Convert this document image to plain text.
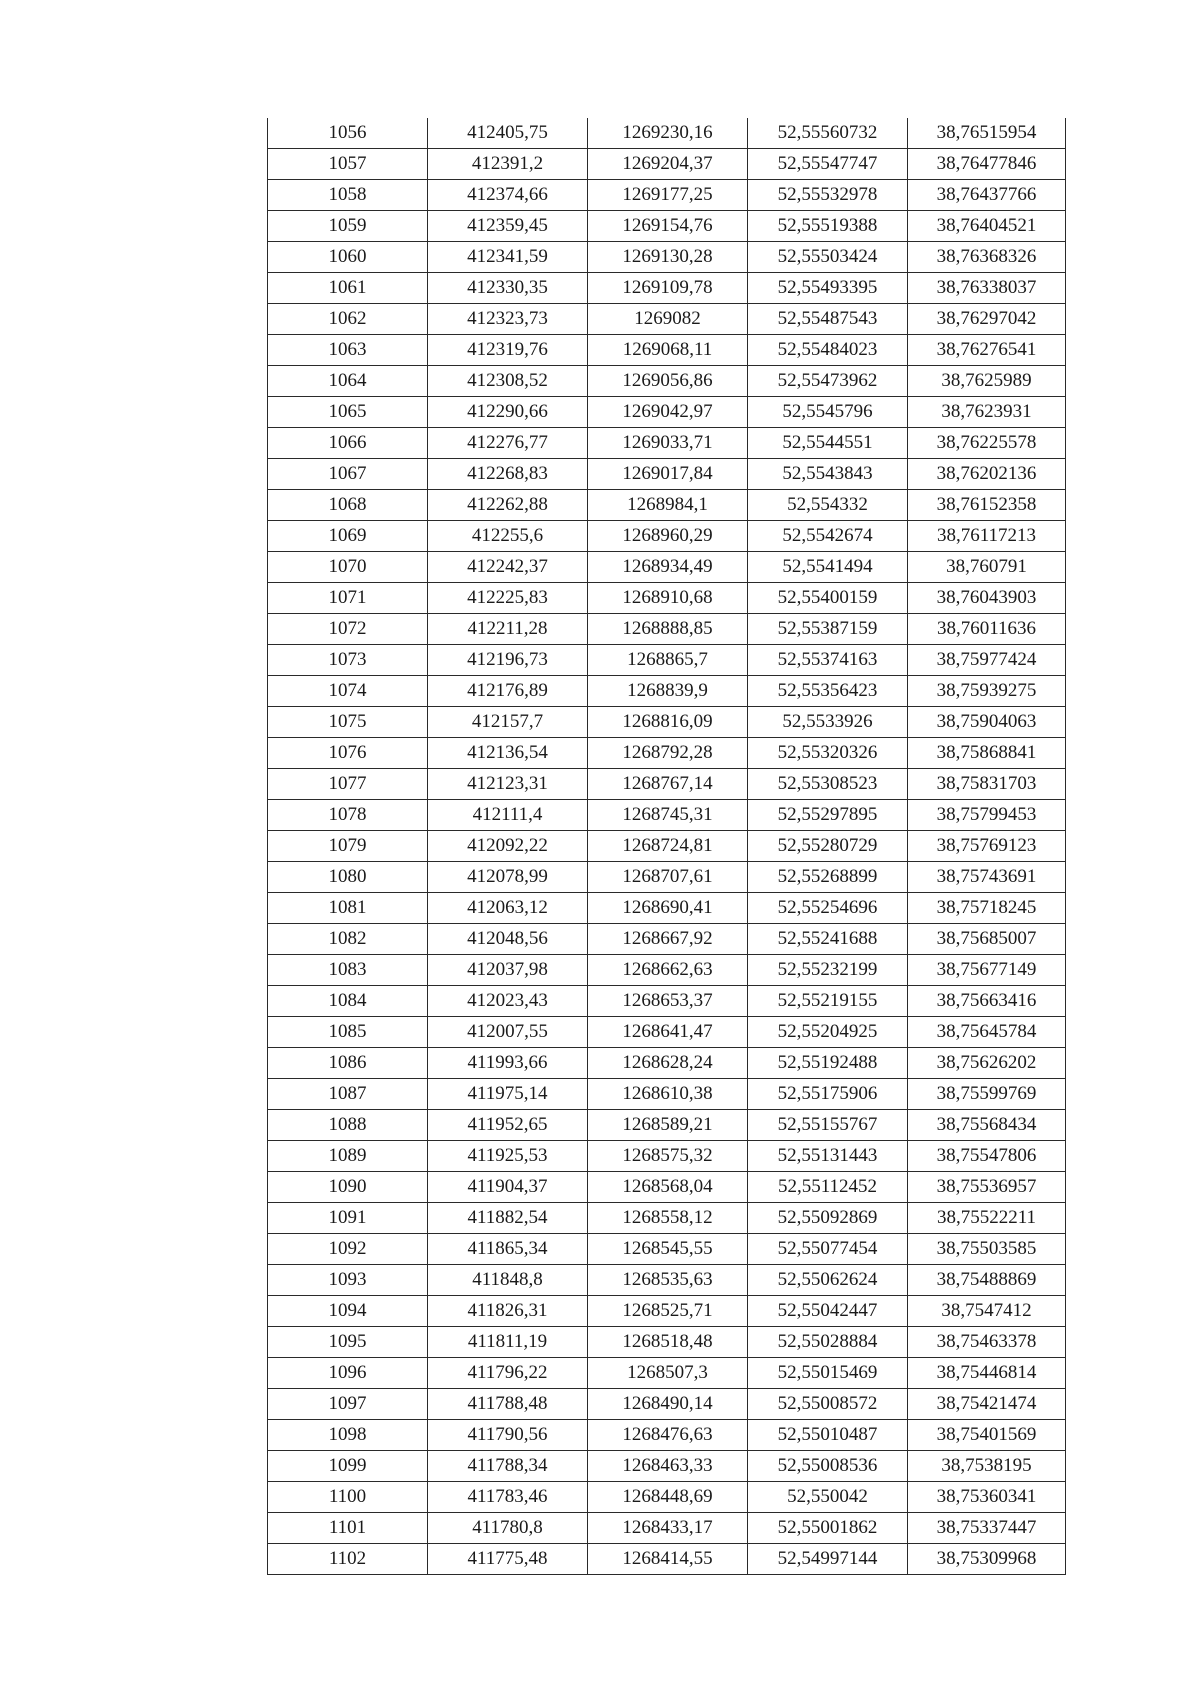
1056	412405,75	1269230,16	52,55560732	38,76515954
1057	412391,2	1269204,37	52,55547747	38,76477846
1058	412374,66	1269177,25	52,55532978	38,76437766
1059	412359,45	1269154,76	52,55519388	38,76404521
1060	412341,59	1269130,28	52,55503424	38,76368326
1061	412330,35	1269109,78	52,55493395	38,76338037
1062	412323,73	1269082	52,55487543	38,76297042
1063	412319,76	1269068,11	52,55484023	38,76276541
1064	412308,52	1269056,86	52,55473962	38,7625989
1065	412290,66	1269042,97	52,5545796	38,7623931
1066	412276,77	1269033,71	52,5544551	38,76225578
1067	412268,83	1269017,84	52,5543843	38,76202136
1068	412262,88	1268984,1	52,554332	38,76152358
1069	412255,6	1268960,29	52,5542674	38,76117213
1070	412242,37	1268934,49	52,5541494	38,760791
1071	412225,83	1268910,68	52,55400159	38,76043903
1072	412211,28	1268888,85	52,55387159	38,76011636
1073	412196,73	1268865,7	52,55374163	38,75977424
1074	412176,89	1268839,9	52,55356423	38,75939275
1075	412157,7	1268816,09	52,5533926	38,75904063
1076	412136,54	1268792,28	52,55320326	38,75868841
1077	412123,31	1268767,14	52,55308523	38,75831703
1078	412111,4	1268745,31	52,55297895	38,75799453
1079	412092,22	1268724,81	52,55280729	38,75769123
1080	412078,99	1268707,61	52,55268899	38,75743691
1081	412063,12	1268690,41	52,55254696	38,75718245
1082	412048,56	1268667,92	52,55241688	38,75685007
1083	412037,98	1268662,63	52,55232199	38,75677149
1084	412023,43	1268653,37	52,55219155	38,75663416
1085	412007,55	1268641,47	52,55204925	38,75645784
1086	411993,66	1268628,24	52,55192488	38,75626202
1087	411975,14	1268610,38	52,55175906	38,75599769
1088	411952,65	1268589,21	52,55155767	38,75568434
1089	411925,53	1268575,32	52,55131443	38,75547806
1090	411904,37	1268568,04	52,55112452	38,75536957
1091	411882,54	1268558,12	52,55092869	38,75522211
1092	411865,34	1268545,55	52,55077454	38,75503585
1093	411848,8	1268535,63	52,55062624	38,75488869
1094	411826,31	1268525,71	52,55042447	38,7547412
1095	411811,19	1268518,48	52,55028884	38,75463378
1096	411796,22	1268507,3	52,55015469	38,75446814
1097	411788,48	1268490,14	52,55008572	38,75421474
1098	411790,56	1268476,63	52,55010487	38,75401569
1099	411788,34	1268463,33	52,55008536	38,7538195
1100	411783,46	1268448,69	52,550042	38,75360341
1101	411780,8	1268433,17	52,55001862	38,75337447
1102	411775,48	1268414,55	52,54997144	38,75309968
